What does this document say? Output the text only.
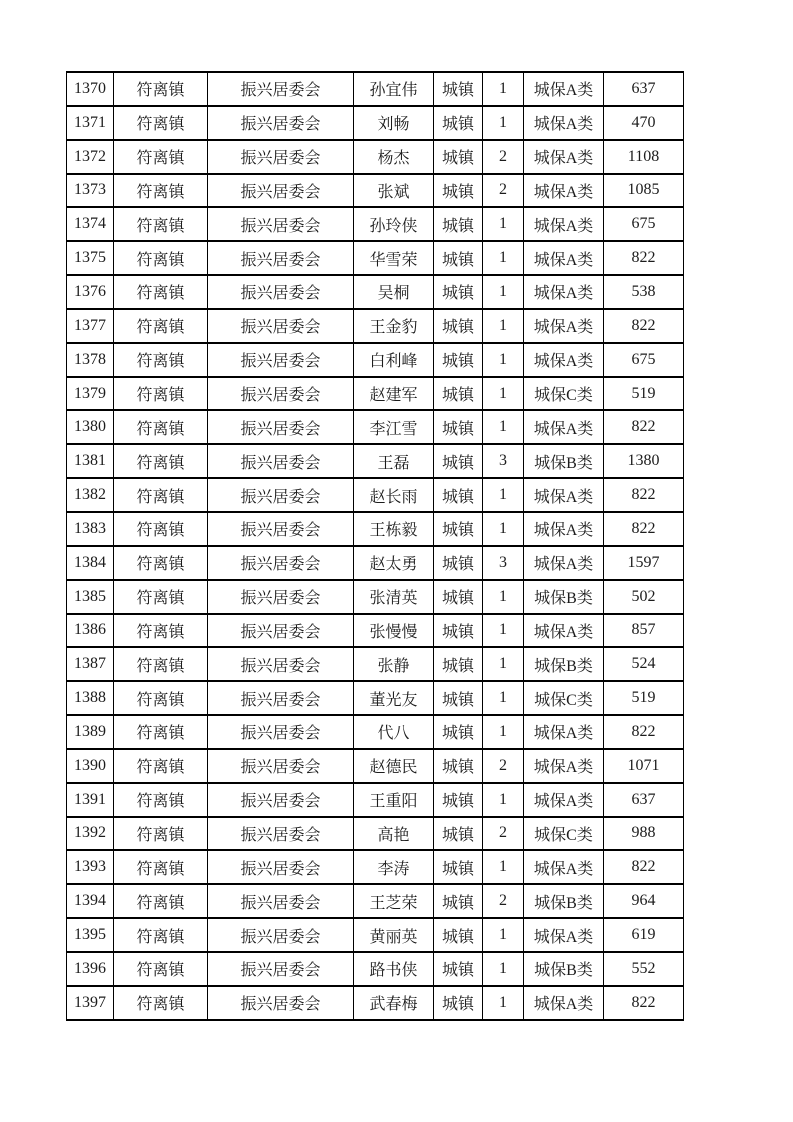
1370	符离镇	振兴居委会	孙宜伟	城镇	1	城保A类	637
1371	符离镇	振兴居委会	刘畅	城镇	1	城保A类	470
1372	符离镇	振兴居委会	杨杰	城镇	2	城保A类	1108
1373	符离镇	振兴居委会	张斌	城镇	2	城保A类	1085
1374	符离镇	振兴居委会	孙玲侠	城镇	1	城保A类	675
1375	符离镇	振兴居委会	华雪荣	城镇	1	城保A类	822
1376	符离镇	振兴居委会	吴桐	城镇	1	城保A类	538
1377	符离镇	振兴居委会	王金豹	城镇	1	城保A类	822
1378	符离镇	振兴居委会	白利峰	城镇	1	城保A类	675
1379	符离镇	振兴居委会	赵建军	城镇	1	城保C类	519
1380	符离镇	振兴居委会	李江雪	城镇	1	城保A类	822
1381	符离镇	振兴居委会	王磊	城镇	3	城保B类	1380
1382	符离镇	振兴居委会	赵长雨	城镇	1	城保A类	822
1383	符离镇	振兴居委会	王栋毅	城镇	1	城保A类	822
1384	符离镇	振兴居委会	赵太勇	城镇	3	城保A类	1597
1385	符离镇	振兴居委会	张清英	城镇	1	城保B类	502
1386	符离镇	振兴居委会	张慢慢	城镇	1	城保A类	857
1387	符离镇	振兴居委会	张静	城镇	1	城保B类	524
1388	符离镇	振兴居委会	董光友	城镇	1	城保C类	519
1389	符离镇	振兴居委会	代八	城镇	1	城保A类	822
1390	符离镇	振兴居委会	赵德民	城镇	2	城保A类	1071
1391	符离镇	振兴居委会	王重阳	城镇	1	城保A类	637
1392	符离镇	振兴居委会	高艳	城镇	2	城保C类	988
1393	符离镇	振兴居委会	李涛	城镇	1	城保A类	822
1394	符离镇	振兴居委会	王芝荣	城镇	2	城保B类	964
1395	符离镇	振兴居委会	黄丽英	城镇	1	城保A类	619
1396	符离镇	振兴居委会	路书侠	城镇	1	城保B类	552
1397	符离镇	振兴居委会	武春梅	城镇	1	城保A类	822
